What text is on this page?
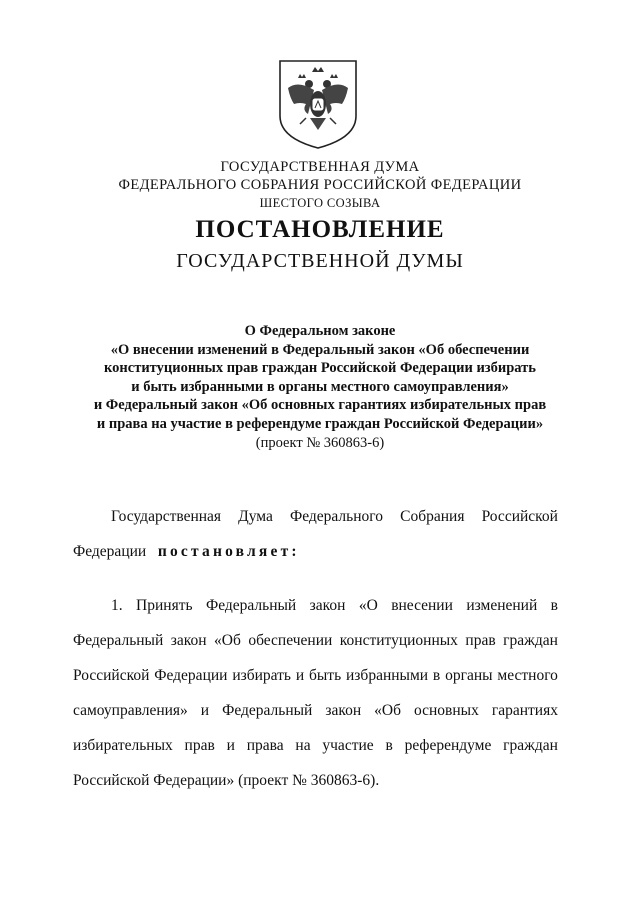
ГОСУДАРСТВЕННАЯ ДУМА
ФЕДЕРАЛЬНОГО СОБРАНИЯ РОССИЙСКОЙ ФЕДЕРАЦИИ
ШЕСТОГО СОЗЫВА
ПОСТАНОВЛЕНИЕ
ГОСУДАРСТВЕННОЙ ДУМЫ
О Федеральном законе
«О внесении изменений в Федеральный закон «Об обеспечении
конституционных прав граждан Российской Федерации избирать
и быть избранными в органы местного самоуправления»
и Федеральный закон «Об основных гарантиях избирательных прав
и права на участие в референдуме граждан Российской Федерации»
(проект № 360863-6)
Государственная Дума Федерального Собрания Российской
Федерации постановляет:
1. Принять Федеральный закон «О внесении изменений в
Федеральный закон «Об обеспечении конституционных прав граждан
Российской Федерации избирать и быть избранными в органы местного
самоуправления» и Федеральный закон «Об основных гарантиях
избирательных прав и права на участие в референдуме граждан
Российской Федерации» (проект № 360863-6).
